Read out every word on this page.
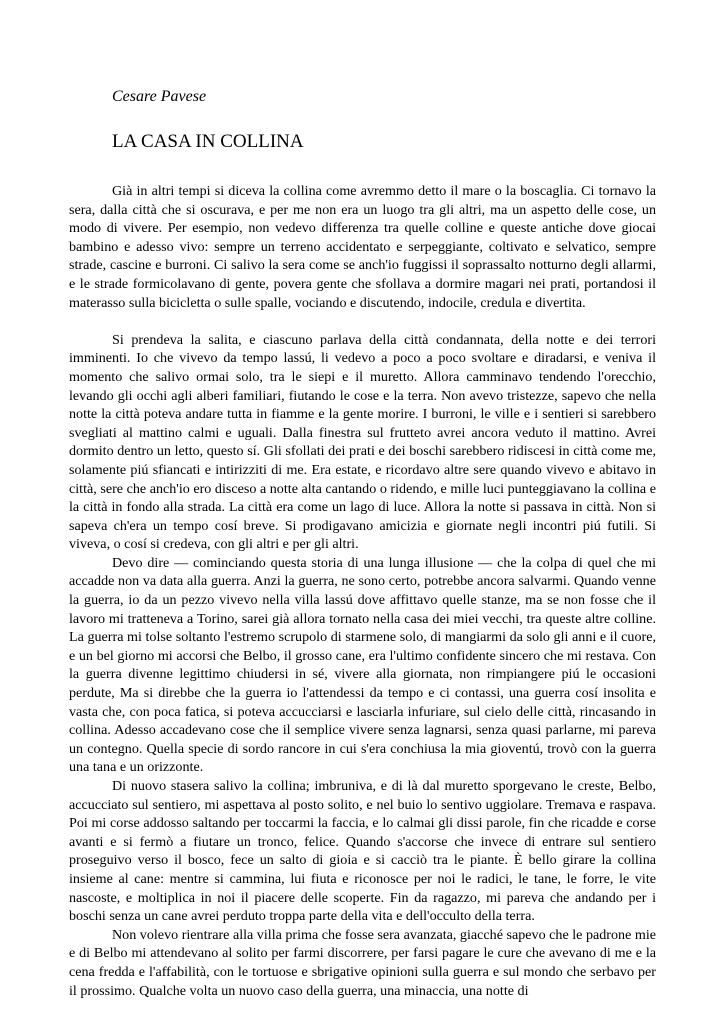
Cesare Pavese
LA CASA IN COLLINA

Già in altri tempi si diceva la collina come avremmo detto il mare o la boscaglia. Ci tornavo la sera, dalla città che si oscurava, e per me non era un luogo tra gli altri, ma un aspetto delle cose, un modo di vivere. Per esempio, non vedevo differenza tra quelle colline e queste antiche dove giocai bambino e adesso vivo: sempre un terreno accidentato e serpeggiante, coltivato e selvatico, sempre strade, cascine e burroni. Ci salivo la sera come se anch'io fuggissi il soprassalto notturno degli allarmi, e le strade formicolavano di gente, povera gente che sfollava a dormire magari nei prati, portandosi il materasso sulla bicicletta o sulle spalle, vociando e discutendo, indocile, credula e divertita.

Si prendeva la salita, e ciascuno parlava della città condannata, della notte e dei terrori imminenti. Io che vivevo da tempo lassú, li vedevo a poco a poco svoltare e diradarsi, e veniva il momento che salivo ormai solo, tra le siepi e il muretto. Allora camminavo tendendo l'orecchio, levando gli occhi agli alberi familiari, fiutando le cose e la terra. Non avevo tristezze, sapevo che nella notte la città poteva andare tutta in fiamme e la gente morire. I burroni, le ville e i sentieri si sarebbero svegliati al mattino calmi e uguali. Dalla finestra sul frutteto avrei ancora veduto il mattino. Avrei dormito dentro un letto, questo sí. Gli sfollati dei prati e dei boschi sarebbero ridiscesi in città come me, solamente piú sfiancati e intirizziti di me. Era estate, e ricordavo altre sere quando vivevo e abitavo in città, sere che anch'io ero disceso a notte alta cantando o ridendo, e mille luci punteggiavano la collina e la città in fondo alla strada. La città era come un lago di luce. Allora la notte si passava in città. Non si sapeva ch'era un tempo cosí breve. Si prodigavano amicizia e giornate negli incontri piú futili. Si viveva, o cosí si credeva, con gli altri e per gli altri.

Devo dire — cominciando questa storia di una lunga illusione — che la colpa di quel che mi accadde non va data alla guerra. Anzi la guerra, ne sono certo, potrebbe ancora salvarmi. Quando venne la guerra, io da un pezzo vivevo nella villa lassú dove affittavo quelle stanze, ma se non fosse che il lavoro mi tratteneva a Torino, sarei già allora tornato nella casa dei miei vecchi, tra queste altre colline. La guerra mi tolse soltanto l'estremo scrupolo di starmene solo, di mangiarmi da solo gli anni e il cuore, e un bel giorno mi accorsi che Belbo, il grosso cane, era l'ultimo confidente sincero che mi restava. Con la guerra divenne legittimo chiudersi in sé, vivere alla giornata, non rimpiangere piú le occasioni perdute, Ma si direbbe che la guerra io l'attendessi da tempo e ci contassi, una guerra cosí insolita e vasta che, con poca fatica, si poteva accucciarsi e lasciarla infuriare, sul cielo delle città, rincasando in collina. Adesso accadevano cose che il semplice vivere senza lagnarsi, senza quasi parlarne, mi pareva un contegno. Quella specie di sordo rancore in cui s'era conchiusa la mia gioventú, trovò con la guerra una tana e un orizzonte.

Di nuovo stasera salivo la collina; imbruniva, e di là dal muretto sporgevano le creste, Belbo, accucciato sul sentiero, mi aspettava al posto solito, e nel buio lo sentivo uggiolare. Tremava e raspava. Poi mi corse addosso saltando per toccarmi la faccia, e lo calmai gli dissi parole, fin che ricadde e corse avanti e si fermò a fiutare un tronco, felice. Quando s'accorse che invece di entrare sul sentiero proseguivo verso il bosco, fece un salto di gioia e si cacciò tra le piante. È bello girare la collina insieme al cane: mentre si cammina, lui fiuta e riconosce per noi le radici, le tane, le forre, le vite nascoste, e moltiplica in noi il piacere delle scoperte. Fin da ragazzo, mi pareva che andando per i boschi senza un cane avrei perduto troppa parte della vita e dell'occulto della terra.

Non volevo rientrare alla villa prima che fosse sera avanzata, giacché sapevo che le padrone mie e di Belbo mi attendevano al solito per farmi discorrere, per farsi pagare le cure che avevano di me e la cena fredda e l'affabilità, con le tortuose e sbrigative opinioni sulla guerra e sul mondo che serbavo per il prossimo. Qualche volta un nuovo caso della guerra, una minaccia, una notte di
